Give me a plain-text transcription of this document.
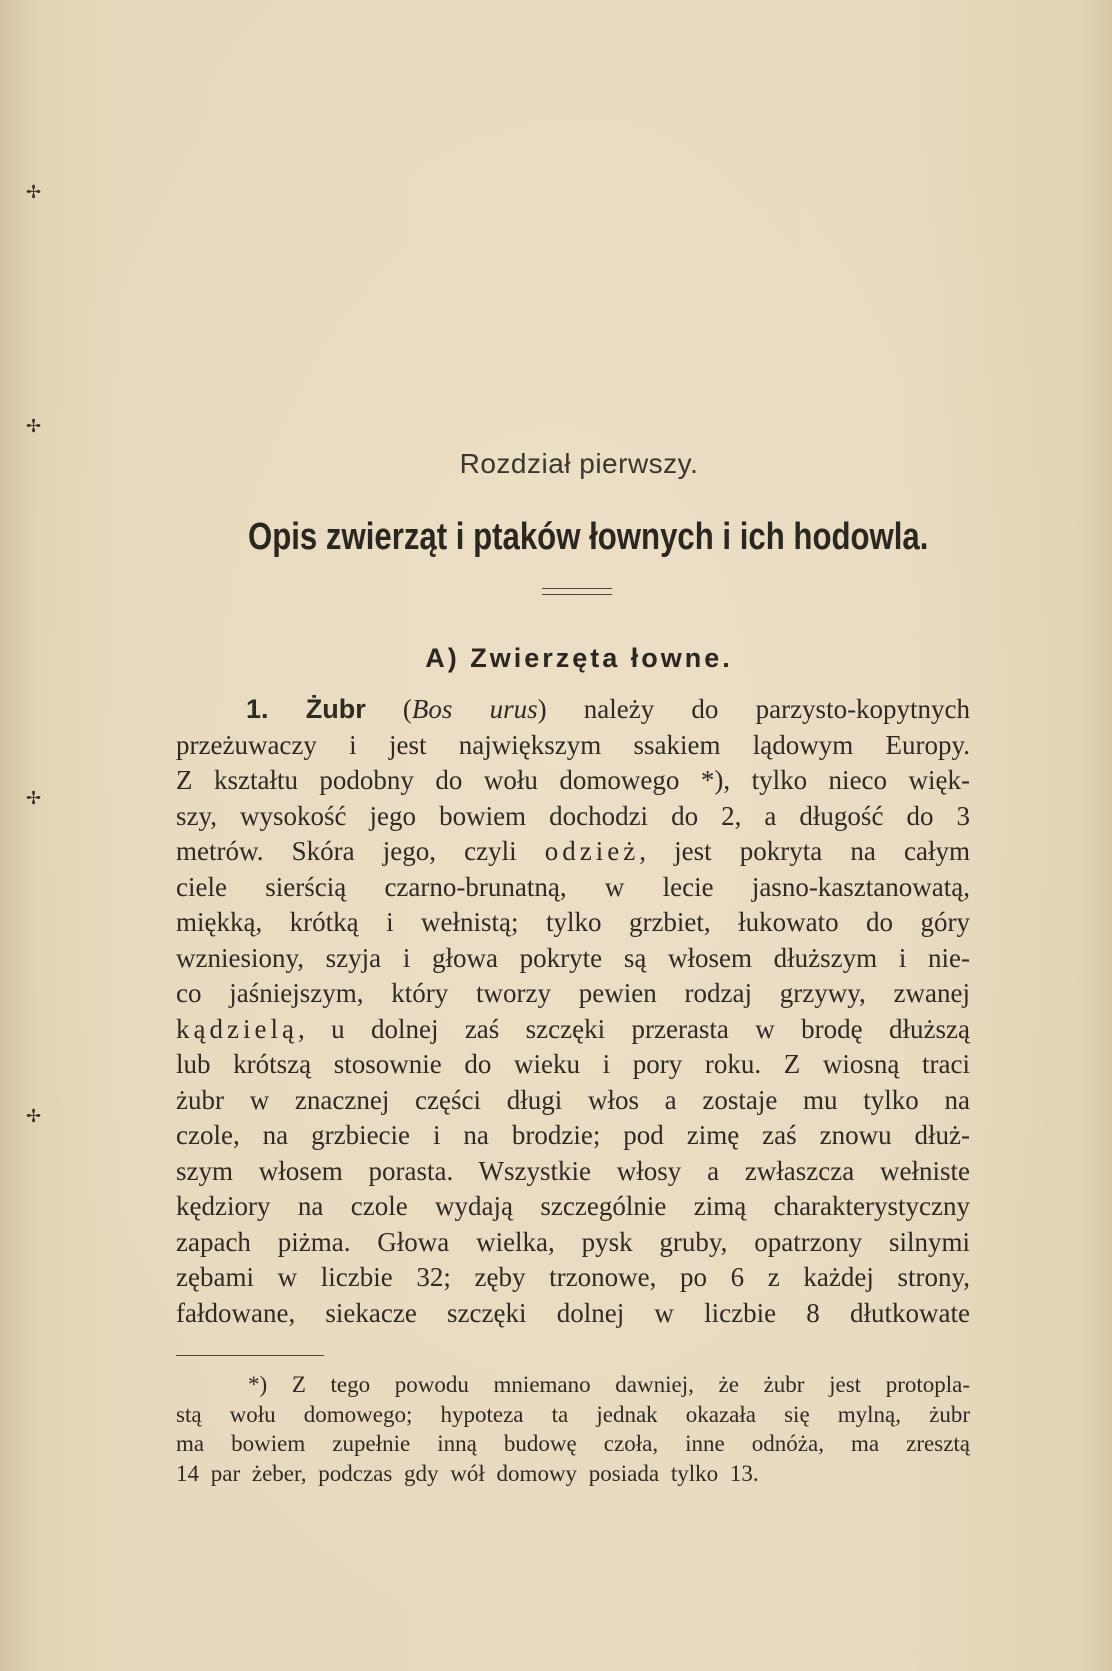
✢
✢
✢
✢
Rozdział pierwszy.
Opis zwierząt i ptaków łownych i ich hodowla.
A) Zwierzęta łowne.
1. Żubr (Bos urus) należy do parzysto-kopytnych
przeżuwaczy i jest największym ssakiem lądowym Europy.
Z kształtu podobny do wołu domowego *), tylko nieco więk-
szy, wysokość jego bowiem dochodzi do 2, a długość do 3
metrów. Skóra jego, czyli odzież, jest pokryta na całym
ciele sierścią czarno-brunatną, w lecie jasno-kasztanowatą,
miękką, krótką i wełnistą; tylko grzbiet, łukowato do góry
wzniesiony, szyja i głowa pokryte są włosem dłuższym i nie-
co jaśniejszym, który tworzy pewien rodzaj grzywy, zwanej
kądzielą, u dolnej zaś szczęki przerasta w brodę dłuższą
lub krótszą stosownie do wieku i pory roku. Z wiosną traci
żubr w znacznej części długi włos a zostaje mu tylko na
czole, na grzbiecie i na brodzie; pod zimę zaś znowu dłuż-
szym włosem porasta. Wszystkie włosy a zwłaszcza wełniste
kędziory na czole wydają szczególnie zimą charakterystyczny
zapach piżma. Głowa wielka, pysk gruby, opatrzony silnymi
zębami w liczbie 32; zęby trzonowe, po 6 z każdej strony,
fałdowane, siekacze szczęki dolnej w liczbie 8 dłutkowate
*) Z tego powodu mniemano dawniej, że żubr jest protopla-
stą wołu domowego; hypoteza ta jednak okazała się mylną, żubr
ma bowiem zupełnie inną budowę czoła, inne odnóża, ma zresztą
14 par żeber, podczas gdy wół domowy posiada tylko 13.
